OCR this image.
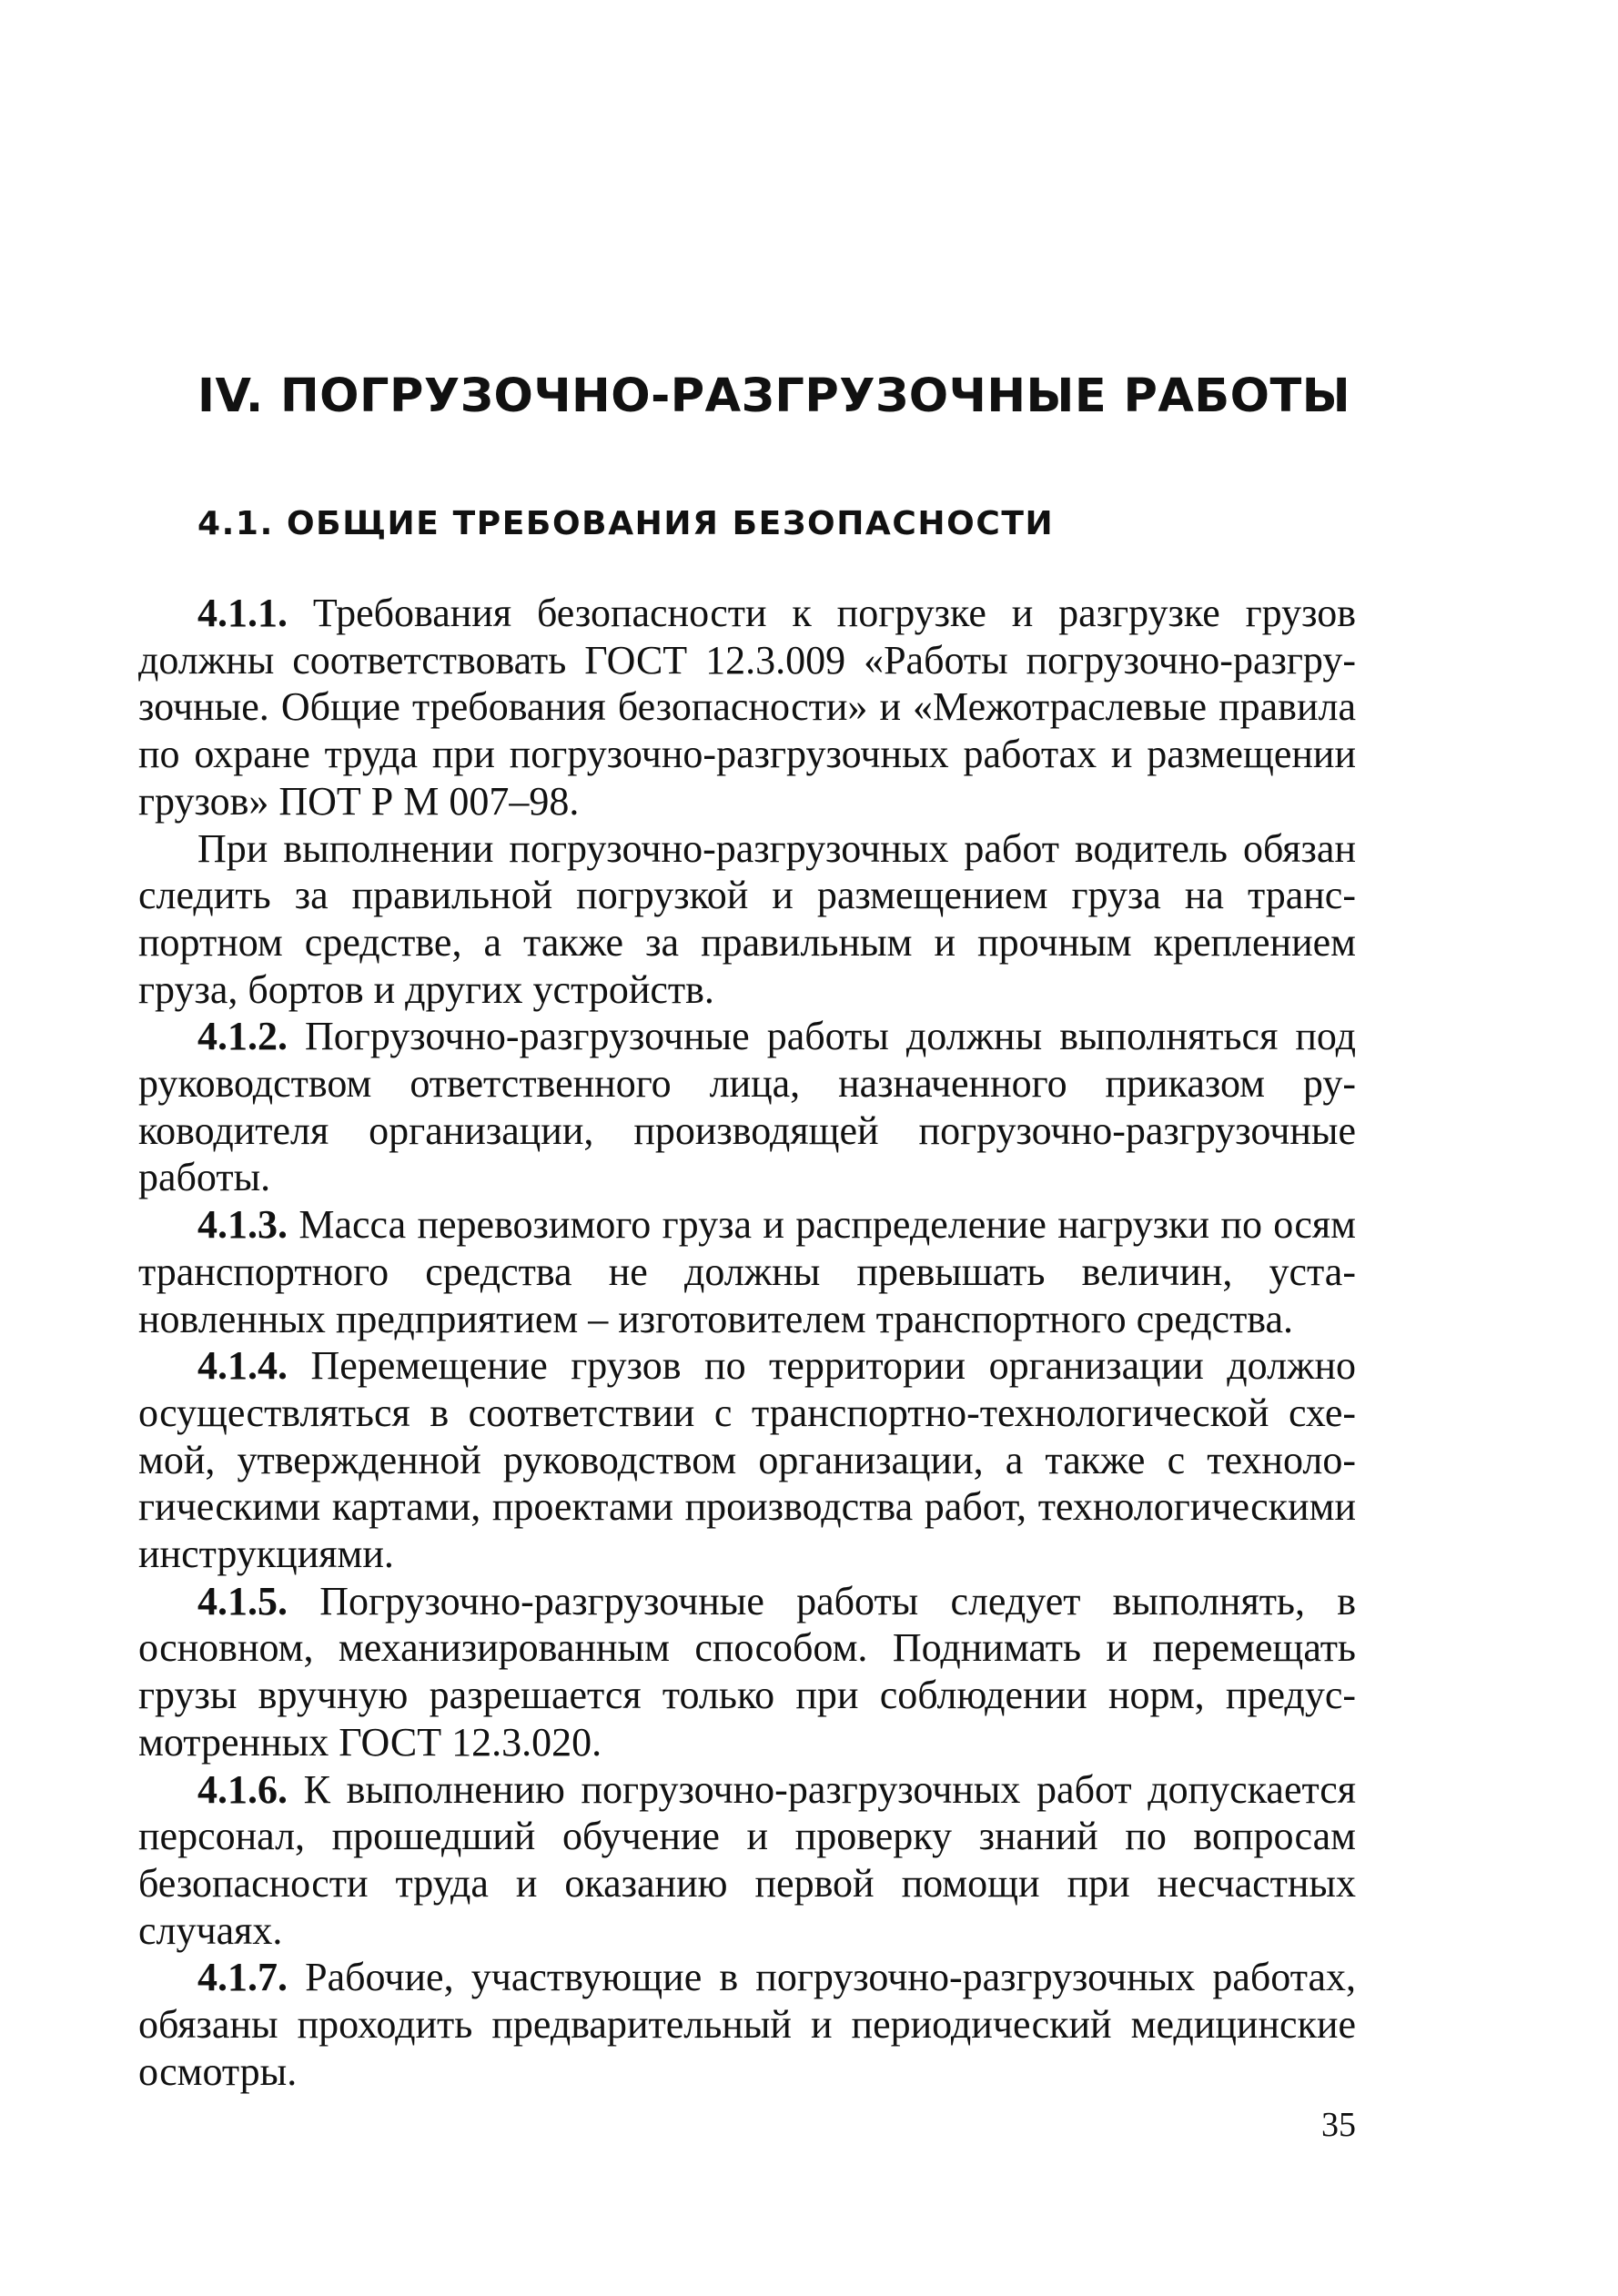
IV. ПОГРУЗОЧНО-РАЗГРУЗОЧНЫЕ РАБОТЫ
4.1. ОБЩИЕ ТРЕБОВАНИЯ БЕЗОПАСНОСТИ

4.1.1. Требования безопасности к погрузке и разгрузке грузов должны соответствовать ГОСТ 12.3.009 «Работы погрузочно-разгрузочные. Общие требования безопасности» и «Межотраслевые правила по охране труда при погрузочно-разгрузочных работах и размещении грузов» ПОТ Р М 007–98.

При выполнении погрузочно-разгрузочных работ водитель обязан следить за правильной погрузкой и размещением груза на транспортном средстве, а также за правильным и прочным креплением груза, бортов и других устройств.

4.1.2. Погрузочно-разгрузочные работы должны выполняться под руководством ответственного лица, назначенного приказом руководителя организации, производящей погрузочно-разгрузочные работы.

4.1.3. Масса перевозимого груза и распределение нагрузки по осям транспортного средства не должны превышать величин, установленных предприятием – изготовителем транспортного средства.

4.1.4. Перемещение грузов по территории организации должно осуществляться в соответствии с транспортно-технологической схемой, утвержденной руководством организации, а также с технологическими картами, проектами производства работ, технологическими инструкциями.

4.1.5. Погрузочно-разгрузочные работы следует выполнять, в основном, механизированным способом. Поднимать и перемещать грузы вручную разрешается только при соблюдении норм, предусмотренных ГОСТ 12.3.020.

4.1.6. К выполнению погрузочно-разгрузочных работ допускается персонал, прошедший обучение и проверку знаний по вопросам безопасности труда и оказанию первой помощи при несчастных случаях.

4.1.7. Рабочие, участвующие в погрузочно-разгрузочных работах, обязаны проходить предварительный и периодический медицинские осмотры.

35
